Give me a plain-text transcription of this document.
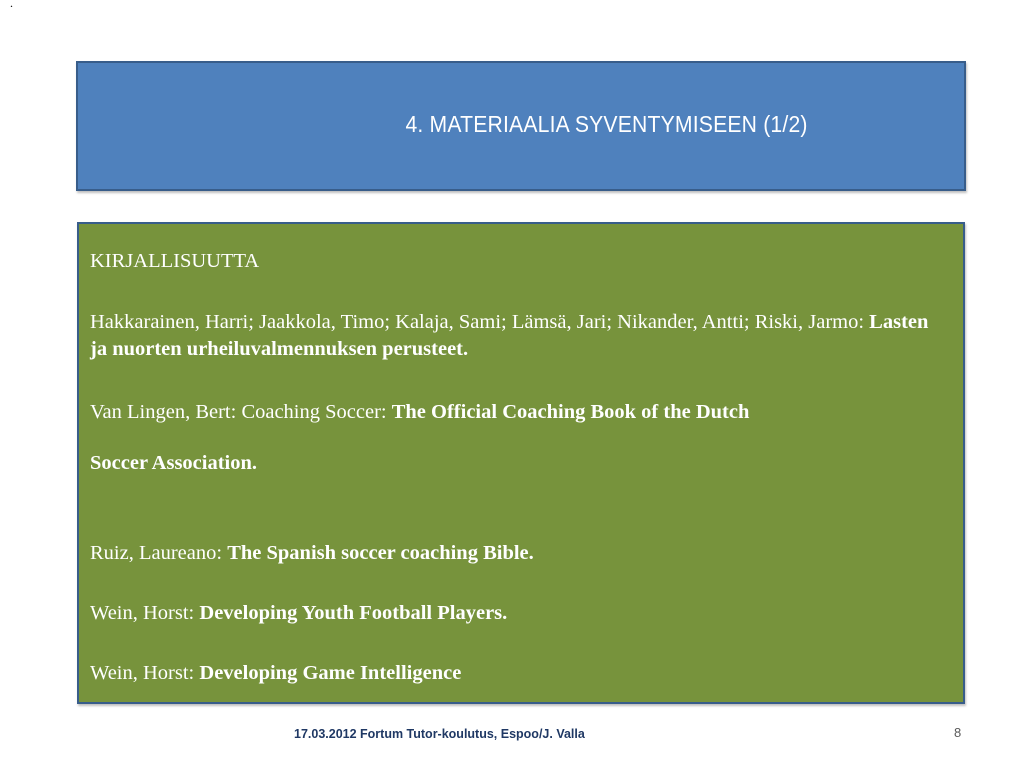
.
4. MATERIAALIA SYVENTYMISEEN (1/2)

KIRJALLISUUTTA

Hakkarainen, Harri; Jaakkola, Timo; Kalaja, Sami; Lämsä, Jari; Nikander, Antti; Riski, Jarmo: Lasten ja nuorten urheiluvalmennuksen perusteet.

Van Lingen, Bert: Coaching Soccer: The Official Coaching Book of the Dutch

Soccer Association.

Ruiz, Laureano: The Spanish soccer coaching Bible.

Wein, Horst: Developing Youth Football Players.

Wein, Horst: Developing Game Intelligence

17.03.2012 Fortum Tutor-koulutus, Espoo/J. Valla	8
